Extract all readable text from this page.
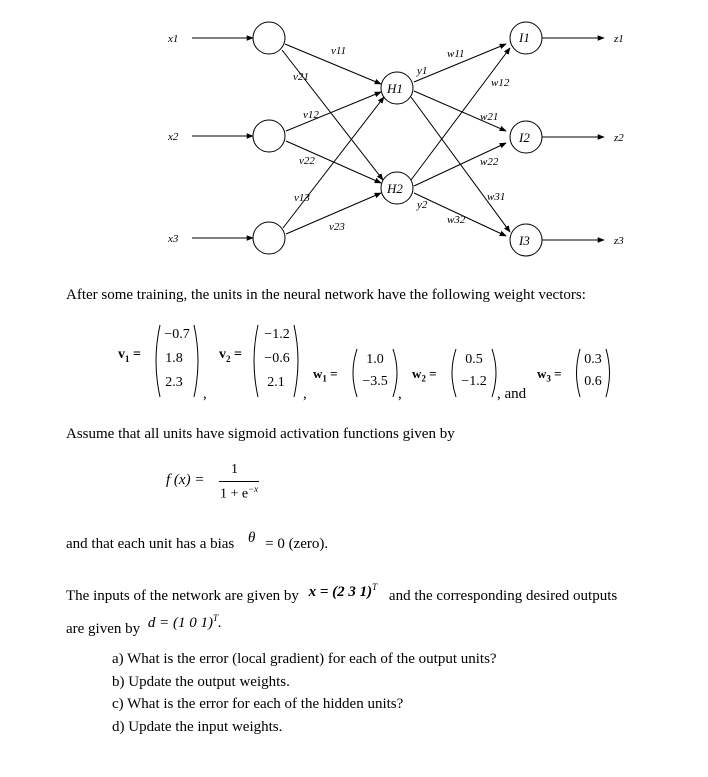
x1
x2
x3
z1
z2
z3
H1
H2
I1
I2
I3
y1
y2
v11
v21
v12
v22
v13
v23
w11
w12
w21
w22
w31
w32
After some training, the units in the neural network have the following weight vectors:
$v_1$ =
−0.7
1.8
2.3
,
$v_2$ =
−1.2
−0.6
2.1
,
$w_1$ =
1.0
−3.5
,
$w_2$ =
0.5
−1.2
, and
$w_3$ =
0.3
0.6
Assume that all units have sigmoid activation functions given by
f (x) =
1
$1 + e^{-x}$
and that each unit has a bias θ = 0 (zero).
The inputs of the network are given by x = (2 3 1)$^T$ and the corresponding desired outputs
are given by d = (1 0 1)$^T$.
a) What is the error (local gradient) for each of the output units?
b) Update the output weights.
c) What is the error for each of the hidden units?
d) Update the input weights.
